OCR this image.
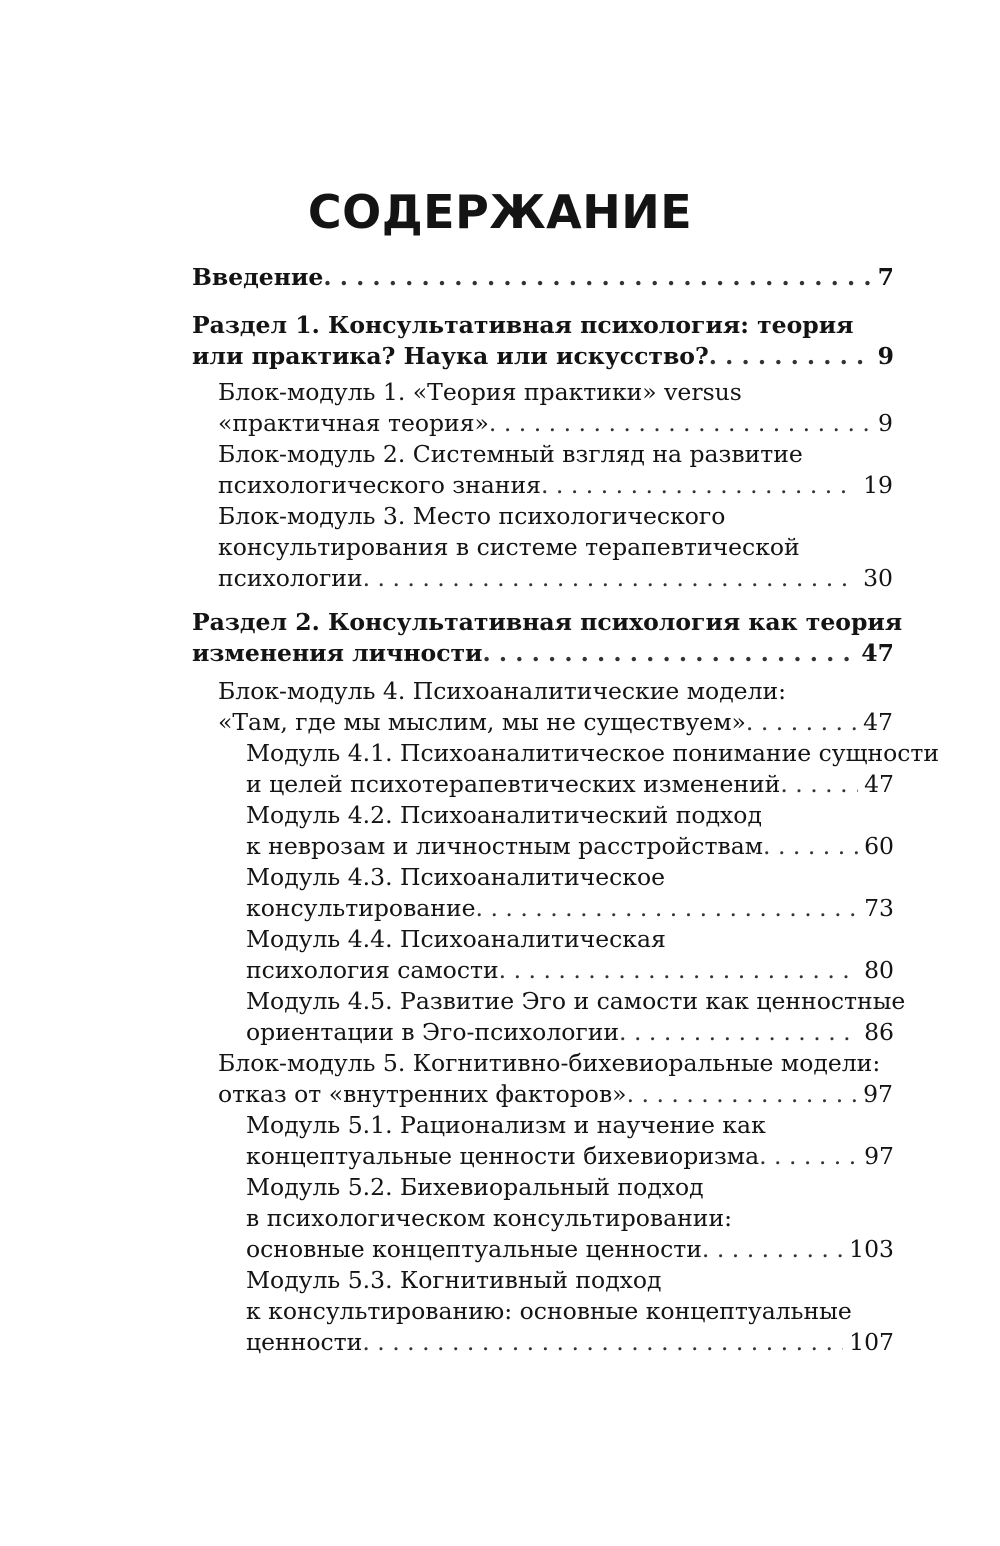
СОДЕРЖАНИЕ
Введение . . .	7
Раздел 1. Консультативная психология: теория
или практика? Наука или искусство? . . .	9
Блок-модуль 1. «Теория практики» versus
«практичная теория» . . .	9
Блок-модуль 2. Системный взгляд на развитие
психологического знания . . .	19
Блок-модуль 3. Место психологического
консультирования в системе терапевтической
психологии . . .	30
Раздел 2. Консультативная психология как теория
изменения личности . . .	47
Блок-модуль 4. Психоаналитические модели:
«Там, где мы мыслим, мы не существуем» . . .	47
Модуль 4.1. Психоаналитическое понимание сущности
и целей психотерапевтических изменений . . .	47
Модуль 4.2. Психоаналитический подход
к неврозам и личностным расстройствам . . .	60
Модуль 4.3. Психоаналитическое
консультирование . . .	73
Модуль 4.4. Психоаналитическая
психология самости . . .	80
Модуль 4.5. Развитие Эго и самости как ценностные
ориентации в Эго-психологии . . .	86
Блок-модуль 5. Когнитивно-бихевиоральные модели:
отказ от «внутренних факторов» . . .	97
Модуль 5.1. Рационализм и научение как
концептуальные ценности бихевиоризма . . .	97
Модуль 5.2. Бихевиоральный подход
в психологическом консультировании:
основные концептуальные ценности . . .	103
Модуль 5.3. Когнитивный подход
к консультированию: основные концептуальные
ценности . . .	107
